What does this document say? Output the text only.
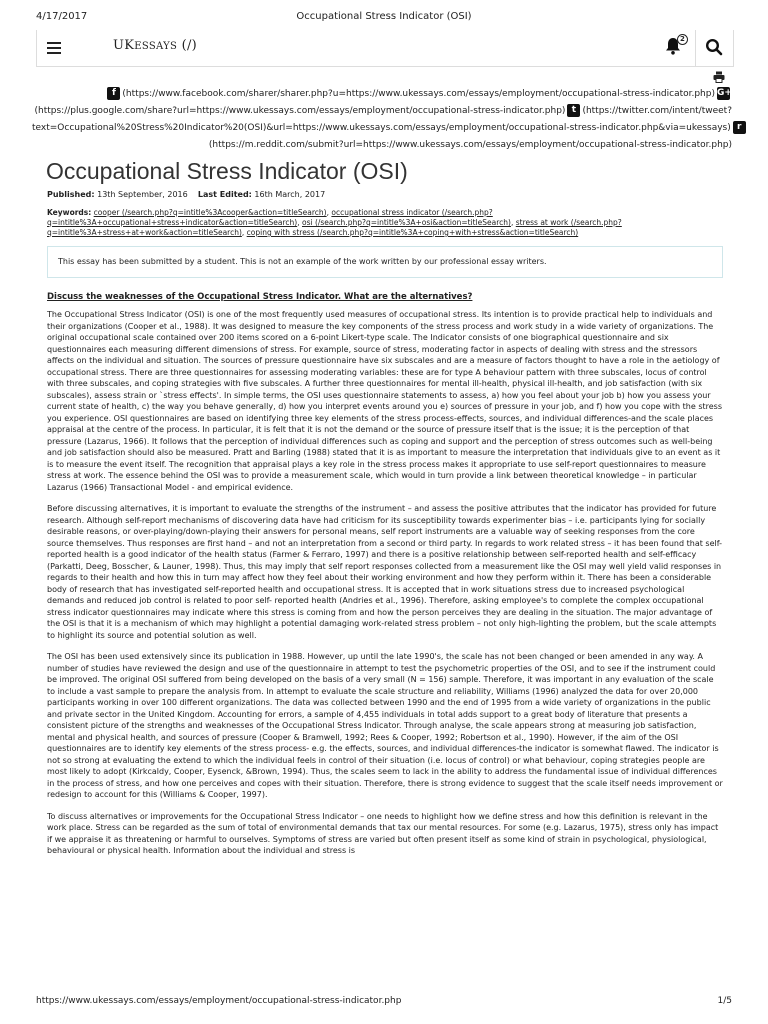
4/17/2017	Occupational Stress Indicator (OSI)
UKESSAYS (/)	2
f (https://www.facebook.com/sharer/sharer.php?u=https://www.ukessays.com/essays/employment/occupational-stress-indicator.php) G+
(https://plus.google.com/share?url=https://www.ukessays.com/essays/employment/occupational-stress-indicator.php) t (https://twitter.com/intent/tweet?
text=Occupational%20Stress%20Indicator%20(OSI)&url=https://www.ukessays.com/essays/employment/occupational-stress-indicator.php&via=ukessays) r
(https://m.reddit.com/submit?url=https://www.ukessays.com/essays/employment/occupational-stress-indicator.php)
Occupational Stress Indicator (OSI)
Published: 13th September, 2016 Last Edited: 16th March, 2017
Keywords: cooper (/search.php?q=intitle%3Acooper&action=titleSearch), occupational stress indicator (/search.php?q=intitle%3A+occupational+stress+indicator&action=titleSearch), osi (/search.php?q=intitle%3A+osi&action=titleSearch), stress at work (/search.php?q=intitle%3A+stress+at+work&action=titleSearch), coping with stress (/search.php?q=intitle%3A+coping+with+stress&action=titleSearch)
This essay has been submitted by a student. This is not an example of the work written by our professional essay writers.
Discuss the weaknesses of the Occupational Stress Indicator. What are the alternatives?

The Occupational Stress Indicator (OSI) is one of the most frequently used measures of occupational stress. Its intention is to provide practical help to individuals and their organizations (Cooper et al., 1988). It was designed to measure the key components of the stress process and work study in a wide variety of organizations. The original occupational scale contained over 200 items scored on a 6-point Likert-type scale. The Indicator consists of one biographical questionnaire and six questionnaires each measuring different dimensions of stress. For example, source of stress, moderating factor in aspects of dealing with stress and the stressors affects on the individual and situation. The sources of pressure questionnaire have six subscales and are a measure of factors thought to have a role in the aetiology of occupational stress. There are three questionnaires for assessing moderating variables: these are for type A behaviour pattern with three subscales, locus of control with three subscales, and coping strategies with five subscales. A further three questionnaires for mental ill-health, physical ill-health, and job satisfaction (with six subscales), assess strain or `stress effects'. In simple terms, the OSI uses questionnaire statements to assess, a) how you feel about your job b) how you assess your current state of health, c) the way you behave generally, d) how you interpret events around you e) sources of pressure in your job, and f) how you cope with the stress you experience. OSI questionnaires are based on identifying three key elements of the stress process-effects, sources, and individual differences-and the scale places appraisal at the centre of the process. In particular, it is felt that it is not the demand or the source of pressure itself that is the issue; it is the perception of that pressure (Lazarus, 1966). It follows that the perception of individual differences such as coping and support and the perception of stress outcomes such as well-being and job satisfaction should also be measured. Pratt and Barling (1988) stated that it is as important to measure the interpretation that individuals give to an event as it is to measure the event itself. The recognition that appraisal plays a key role in the stress process makes it appropriate to use self-report questionnaires to measure stress at work. The essence behind the OSI was to provide a measurement scale, which would in turn provide a link between theoretical knowledge – in particular Lazarus (1966) Transactional Model - and empirical evidence.

Before discussing alternatives, it is important to evaluate the strengths of the instrument – and assess the positive attributes that the indicator has provided for future research. Although self-report mechanisms of discovering data have had criticism for its susceptibility towards experimenter bias – i.e. participants lying for socially desirable reasons, or over-playing/down-playing their answers for personal means, self report instruments are a valuable way of seeking responses from the core source themselves. Thus responses are first hand – and not an interpretation from a second or third party. In regards to work related stress – it has been found that self- reported health is a good indicator of the health status (Farmer & Ferraro, 1997) and there is a positive relationship between self-reported health and self-efficacy (Parkatti, Deeg, Bosscher, & Launer, 1998). Thus, this may imply that self report responses collected from a measurement like the OSI may well yield valid responses in regards to their health and how this in turn may affect how they feel about their working environment and how they perform within it. There has been a considerable body of research that has investigated self-reported health and occupational stress. It is accepted that in work situations stress due to increased psychological demands and reduced job control is related to poor self- reported health (Andries et al., 1996). Therefore, asking employee's to complete the complex occupational stress indicator questionnaires may indicate where this stress is coming from and how the person perceives they are dealing in the situation. The major advantage of the OSI is that it is a mechanism of which may highlight a potential damaging work-related stress problem – not only high-lighting the problem, but the scale attempts to highlight its source and potential solution as well.

The OSI has been used extensively since its publication in 1988. However, up until the late 1990's, the scale has not been changed or been amended in any way. A number of studies have reviewed the design and use of the questionnaire in attempt to test the psychometric properties of the OSI, and to see if the instrument could be improved. The original OSI suffered from being developed on the basis of a very small (N = 156) sample. Therefore, it was important in any evaluation of the scale to include a vast sample to prepare the analysis from. In attempt to evaluate the scale structure and reliability, Williams (1996) analyzed the data for over 20,000 participants working in over 100 different organizations. The data was collected between 1990 and the end of 1995 from a wide variety of organizations in the public and private sector in the United Kingdom. Accounting for errors, a sample of 4,455 individuals in total adds support to a great body of literature that presents a consistent picture of the strengths and weaknesses of the Occupational Stress Indicator. Through analyse, the scale appears strong at measuring job satisfaction, mental and physical health, and sources of pressure (Cooper & Bramwell, 1992; Rees & Cooper, 1992; Robertson et al., 1990). However, if the aim of the OSI questionnaires are to identify key elements of the stress process- e.g. the effects, sources, and individual differences-the indicator is somewhat flawed. The indicator is not so strong at evaluating the extend to which the individual feels in control of their situation (i.e. locus of control) or what behaviour, coping strategies people are most likely to adopt (Kirkcaldy, Cooper, Eysenck, &Brown, 1994). Thus, the scales seem to lack in the ability to address the fundamental issue of individual differences in the process of stress, and how one perceives and copes with their situation. Therefore, there is strong evidence to suggest that the scale itself needs improvement or redesign to account for this (Williams & Cooper, 1997).

To discuss alternatives or improvements for the Occupational Stress Indicator – one needs to highlight how we define stress and how this definition is relevant in the work place. Stress can be regarded as the sum of total of environmental demands that tax our mental resources. For some (e.g. Lazarus, 1975), stress only has impact if we appraise it as threatening or harmful to ourselves. Symptoms of stress are varied but often present itself as some kind of strain in psychological, physiological, behavioural or physical health. Information about the individual and stress is

https://www.ukessays.com/essays/employment/occupational-stress-indicator.php	1/5
